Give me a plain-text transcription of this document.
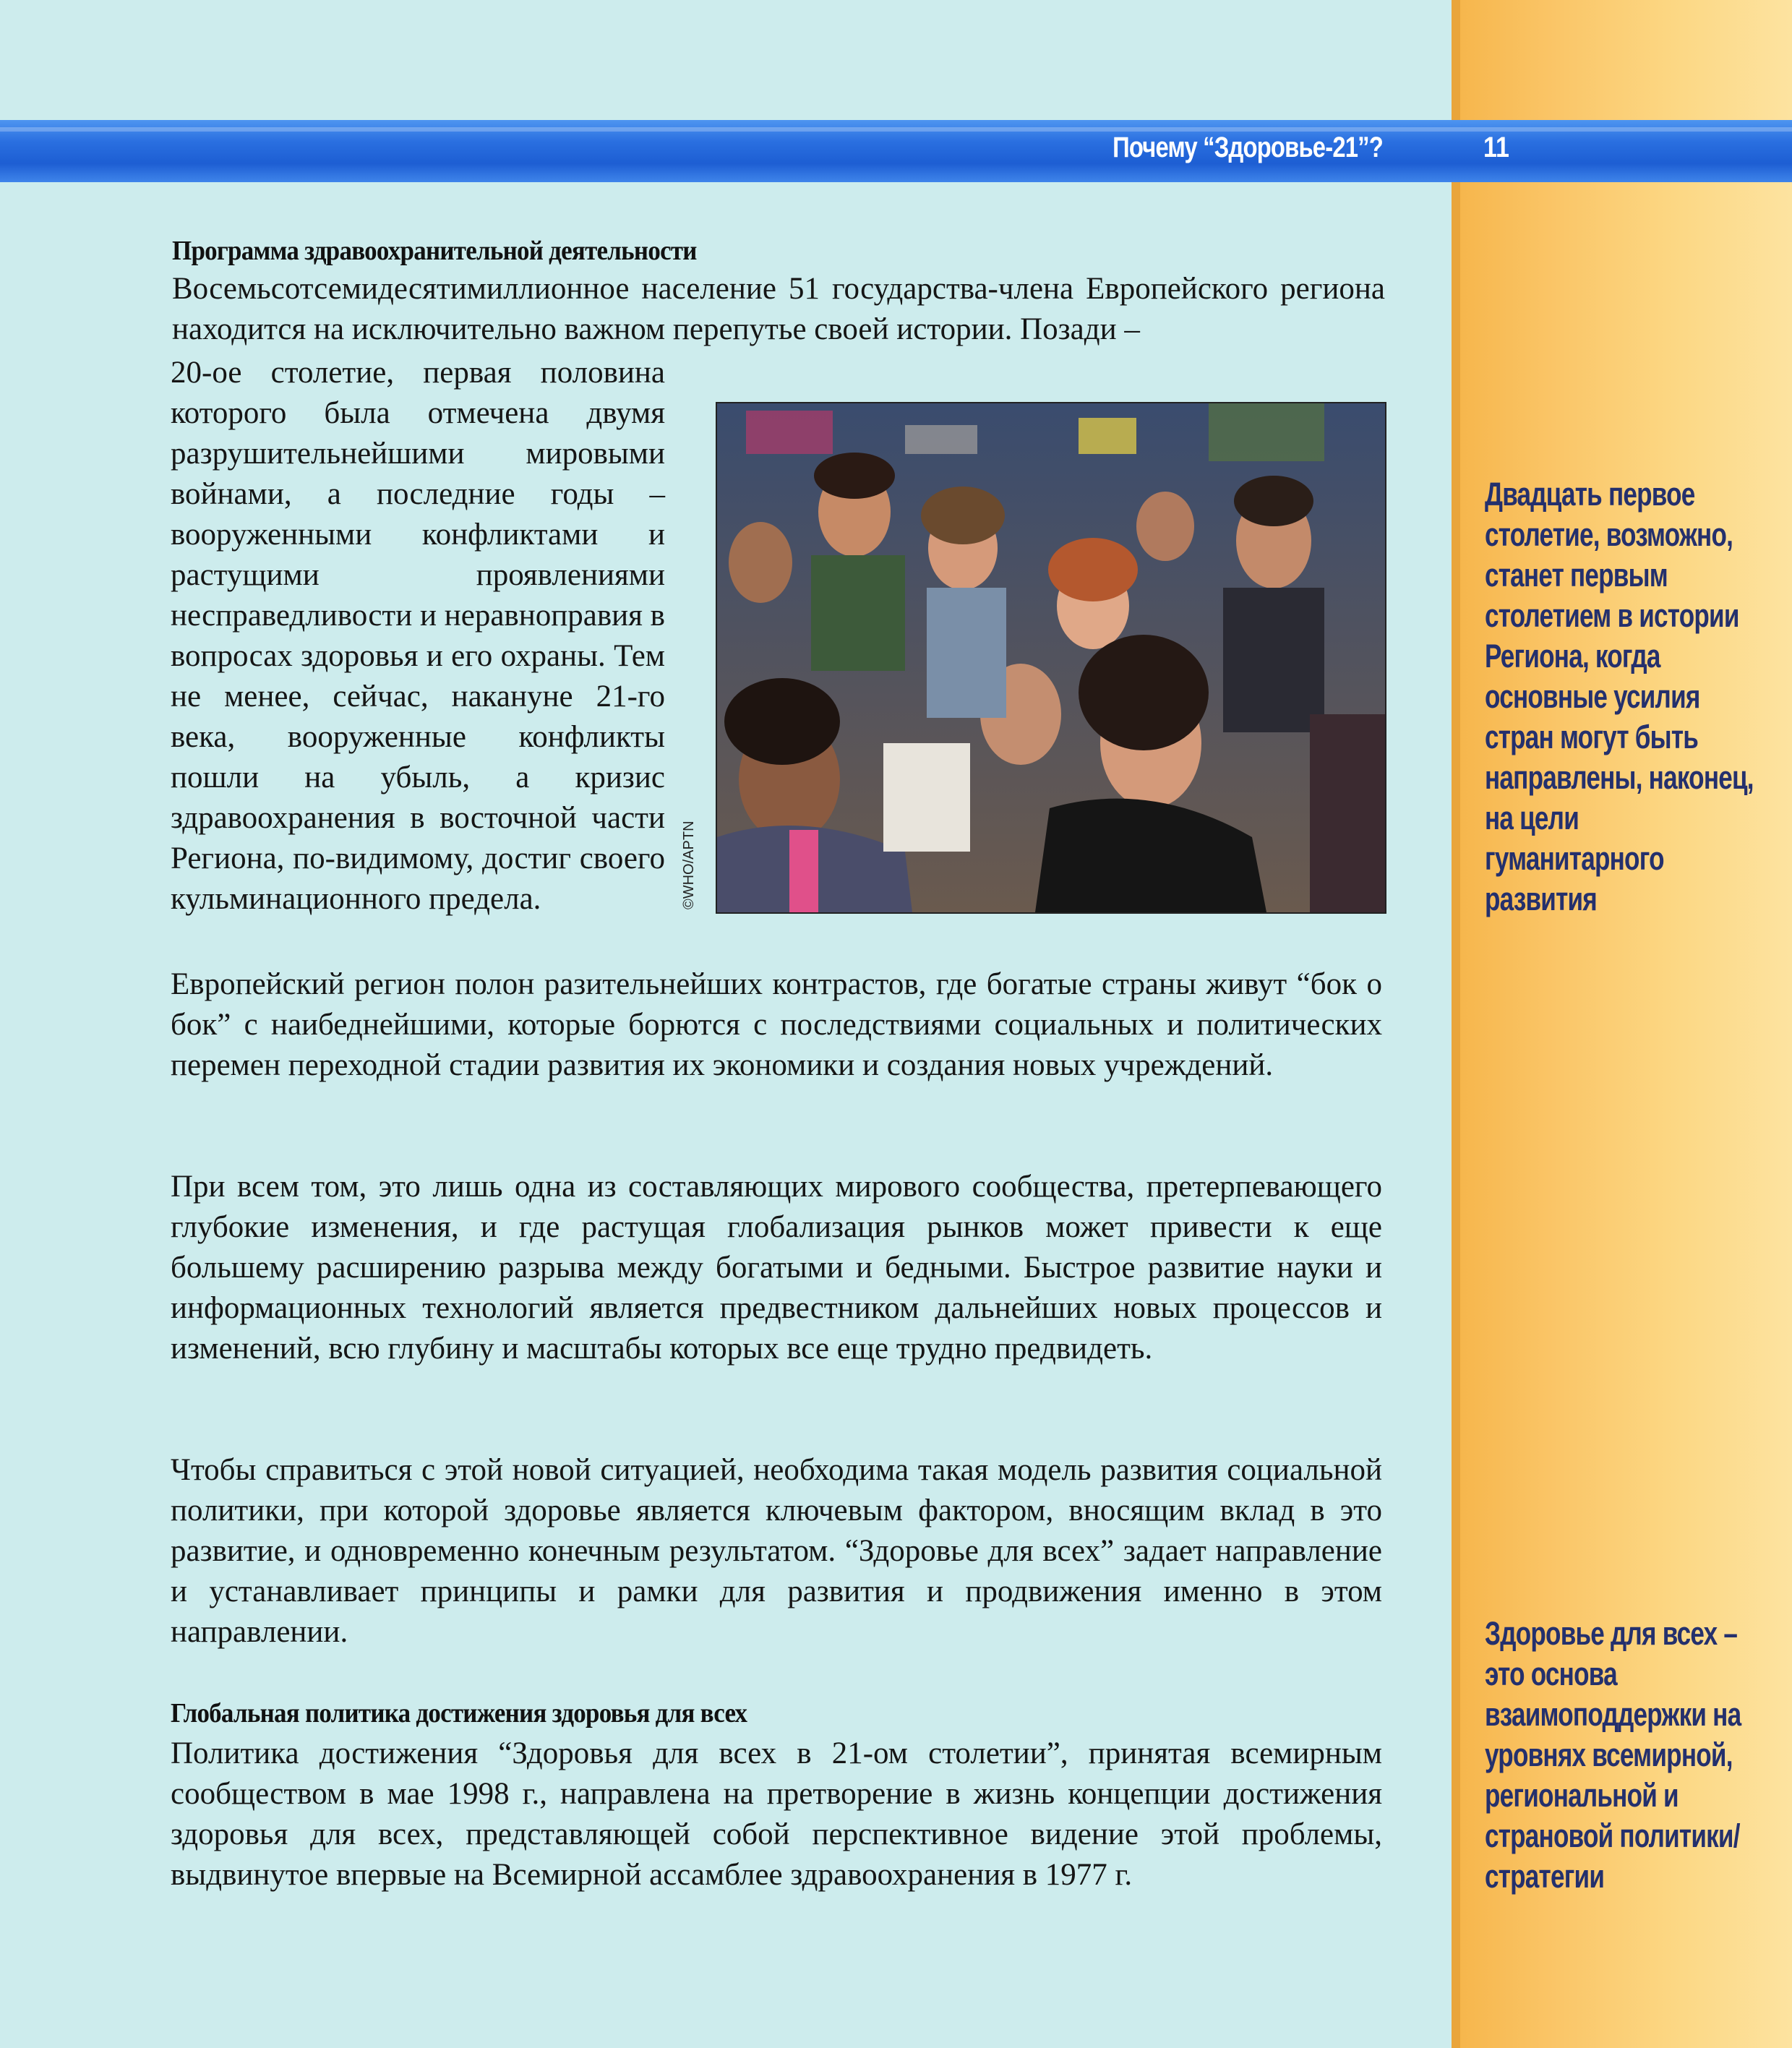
Почему “Здоровье-21”?	11
Программа здравоохранительной деятельности

Восемьсотсемидесятимиллионное население 51 государства-члена Европейского региона находится на исключительно важном перепутье своей истории. Позади –

20-ое столетие, первая половина которого была отмечена двумя разрушительнейшими мировыми войнами, а последние годы – вооруженными конфликтами и растущими проявлениями несправедливости и неравноправия в вопросах здоровья и его охраны. Тем не менее, сейчас, накануне 21-го века, вооруженные конфликты пошли на убыль, а кризис здравоохранения в восточной части Региона, по-видимому, достиг своего кульминационного предела.	©WHO/APTN

Европейский регион полон разительнейших контрастов, где богатые страны живут “бок о бок” с наибеднейшими, которые борются с последствиями социальных и политических перемен переходной стадии развития их экономики и создания новых учреждений.

При всем том, это лишь одна из составляющих мирового сообщества, претерпевающего глубокие изменения, и где растущая глобализация рынков может привести к еще большему расширению разрыва между богатыми и бедными. Быстрое развитие науки и информационных технологий является предвестником дальнейших новых процессов и изменений, всю глубину и масштабы которых все еще трудно предвидеть.

Чтобы справиться с этой новой ситуацией, необходима такая модель развития социальной политики, при которой здоровье является ключевым фактором, вносящим вклад в это развитие, и одновременно конечным результатом. “Здоровье для всех” задает направление и устанавливает принципы и рамки для развития и продвижения именно в этом направлении.

Глобальная политика достижения здоровья для всех

Политика достижения “Здоровья для всех в 21-ом столетии”, принятая всемирным сообществом в мае 1998 г., направлена на претворение в жизнь концепции достижения здоровья для всех, представляющей собой перспективное видение этой проблемы, выдвинутое впервые на Всемирной ассамблее здравоохранения в 1977 г.

Двадцать первое
столетие, возможно,
станет первым
столетием в истории
Региона, когда
основные усилия
стран могут быть
направлены, наконец,
на цели
гуманитарного
развития
Здоровье для всех –
это основа
взаимоподдержки на
уровнях всемирной,
региональной и
страновой политики/
стратегии
